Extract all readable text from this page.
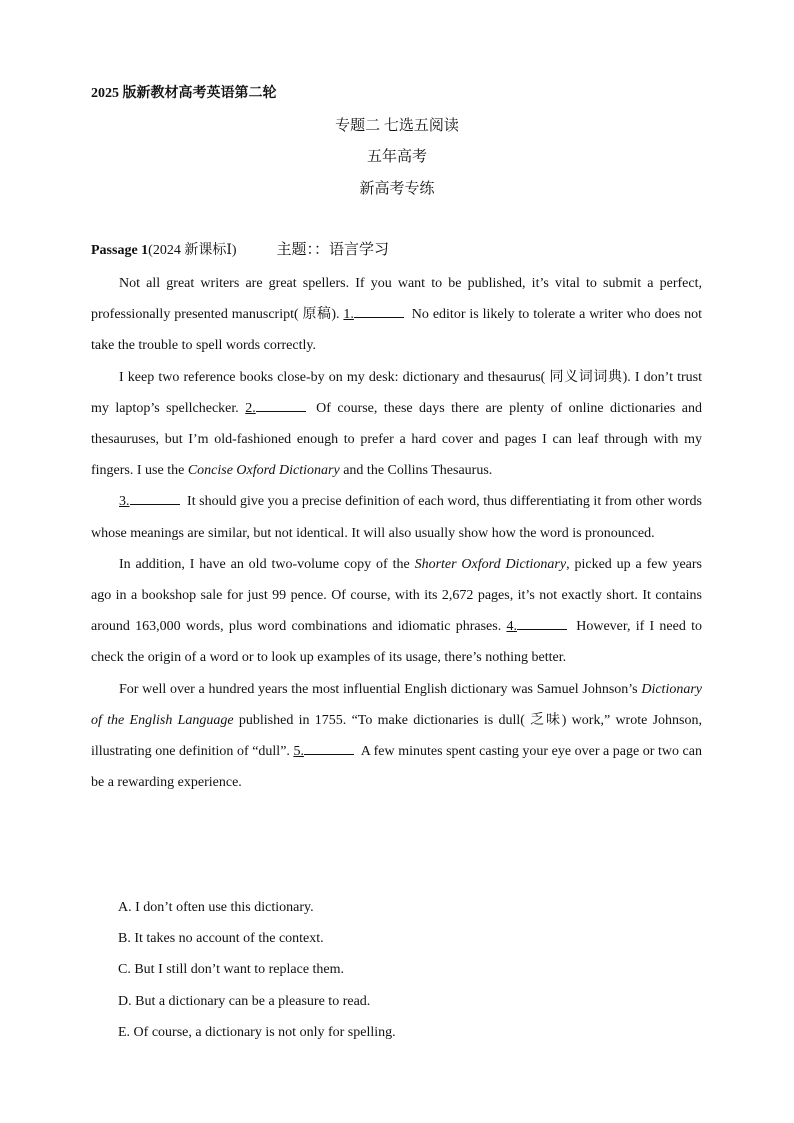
2025 版新教材高考英语第二轮
专题二 七选五阅读
五年高考
新高考专练
Passage 1(2024 新课标Ⅰ)	主题：：语言学习

Not all great writers are great spellers. If you want to be published, it’s vital to submit a perfect, professionally presented manuscript( 原稿). 1.	No editor is likely to tolerate a writer who does not take the trouble to spell words correctly.

I keep two reference books close-by on my desk: dictionary and thesaurus( 同义词词典). I don’t trust my laptop’s spellchecker. 2.	Of course, these days there are plenty of online dictionaries and thesauruses, but I’m old-fashioned enough to prefer a hard cover and pages I can leaf through with my fingers. I use the Concise Oxford Dictionary and the Collins Thesaurus.

3.	It should give you a precise definition of each word, thus differentiating it from other words whose meanings are similar, but not identical. It will also usually show how the word is pronounced.

In addition, I have an old two-volume copy of the Shorter Oxford Dictionary, picked up a few years ago in a bookshop sale for just 99 pence. Of course, with its 2,672 pages, it’s not exactly short. It contains around 163,000 words, plus word combinations and idiomatic phrases. 4.	However, if I need to check the origin of a word or to look up examples of its usage, there’s nothing better.

For well over a hundred years the most influential English dictionary was Samuel Johnson’s Dictionary of the English Language published in 1755. “To make dictionaries is dull( 乏味) work,” wrote Johnson, illustrating one definition of “dull”. 5.	A few minutes spent casting your eye over a page or two can be a rewarding experience.

A. I don’t often use this dictionary.
B. It takes no account of the context.
C. But I still don’t want to replace them.
D. But a dictionary can be a pleasure to read.
E. Of course, a dictionary is not only for spelling.
